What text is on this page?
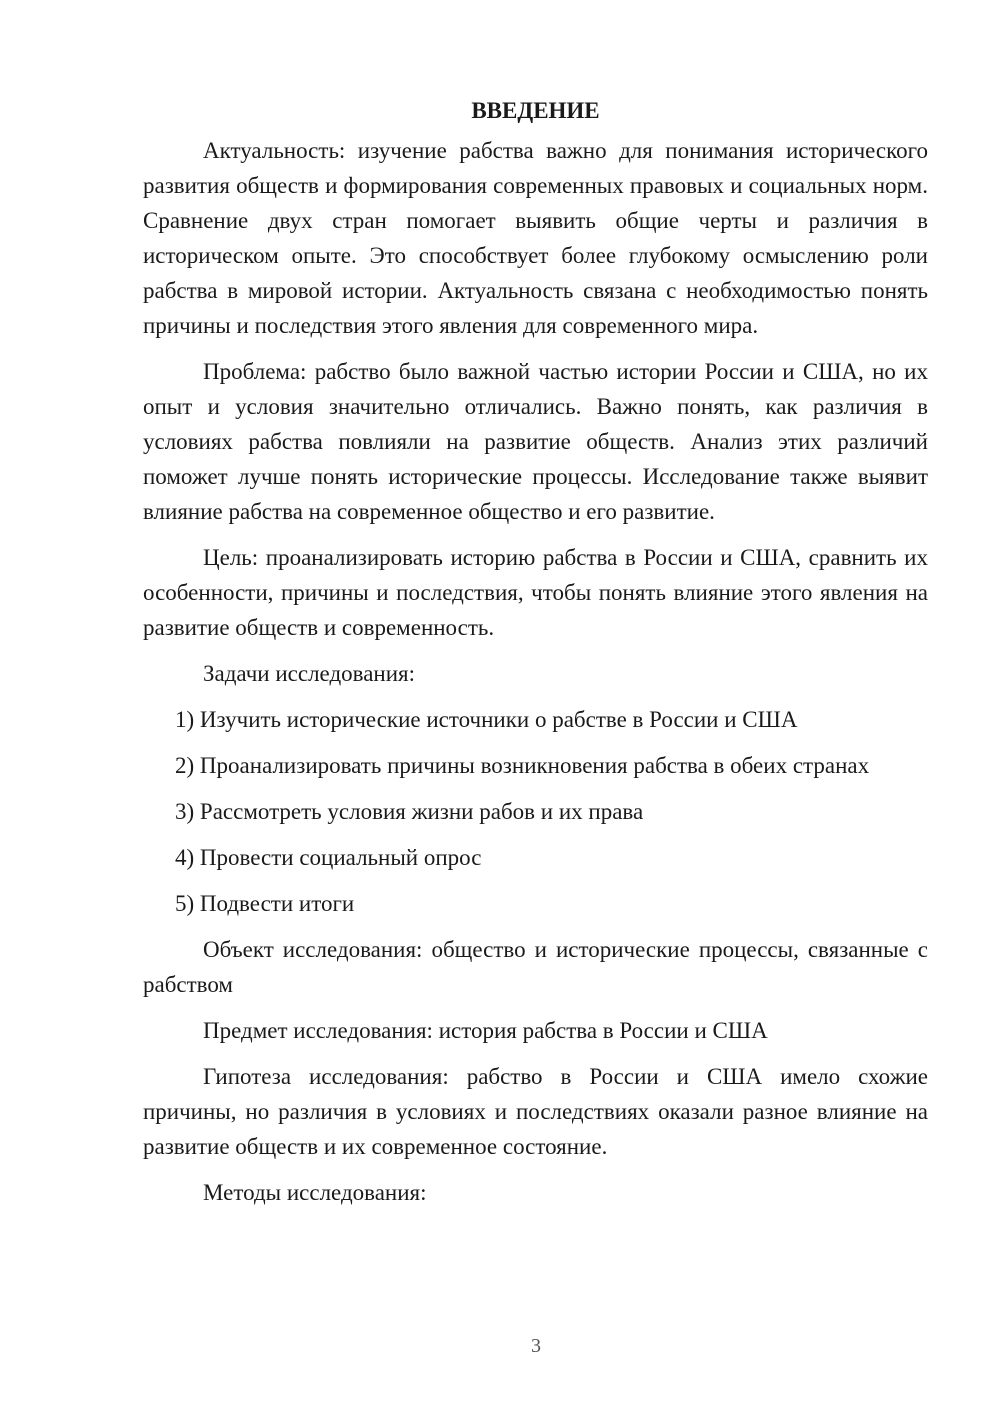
ВВЕДЕНИЕ

Актуальность: изучение рабства важно для понимания исторического развития обществ и формирования современных правовых и социальных норм. Сравнение двух стран помогает выявить общие черты и различия в историческом опыте. Это способствует более глубокому осмыслению роли рабства в мировой истории. Актуальность связана с необходимостью понять причины и последствия этого явления для современного мира.

Проблема: рабство было важной частью истории России и США, но их опыт и условия значительно отличались. Важно понять, как различия в условиях рабства повлияли на развитие обществ. Анализ этих различий поможет лучше понять исторические процессы. Исследование также выявит влияние рабства на современное общество и его развитие.

Цель: проанализировать историю рабства в России и США, сравнить их особенности, причины и последствия, чтобы понять влияние этого явления на развитие обществ и современность.

Задачи исследования:

1) Изучить исторические источники о рабстве в России и США

2) Проанализировать причины возникновения рабства в обеих странах

3) Рассмотреть условия жизни рабов и их права

4) Провести социальный опрос

5) Подвести итоги

Объект исследования: общество и исторические процессы, связанные с рабством

Предмет исследования: история рабства в России и США

Гипотеза исследования: рабство в России и США имело схожие причины, но различия в условиях и последствиях оказали разное влияние на развитие обществ и их современное состояние.

Методы исследования:

3
